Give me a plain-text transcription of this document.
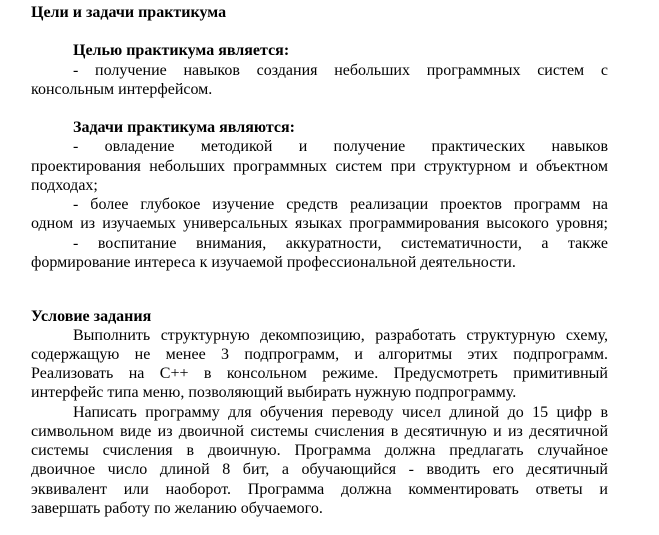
Цели и задачи практикума
Целью практикума является:
- получение навыков создания небольших программных систем с
консольным интерфейсом.
Задачи практикума являются:
- овладение методикой и получение практических навыков
проектирования небольших программных систем при структурном и объектном
подходах;
- более глубокое изучение средств реализации проектов программ на
одном из изучаемых универсальных языках программирования высокого уровня;
- воспитание внимания, аккуратности, систематичности, а также
формирование интереса к изучаемой профессиональной деятельности.
Условие задания
Выполнить структурную декомпозицию, разработать структурную схему,
содержащую не менее 3 подпрограмм, и алгоритмы этих подпрограмм.
Реализовать на C++ в консольном режиме. Предусмотреть примитивный
интерфейс типа меню, позволяющий выбирать нужную подпрограмму.
Написать программу для обучения переводу чисел длиной до 15 цифр в
символьном виде из двоичной системы счисления в десятичную и из десятичной
системы счисления в двоичную. Программа должна предлагать случайное
двоичное число длиной 8 бит, а обучающийся - вводить его десятичный
эквивалент или наоборот. Программа должна комментировать ответы и
завершать работу по желанию обучаемого.
